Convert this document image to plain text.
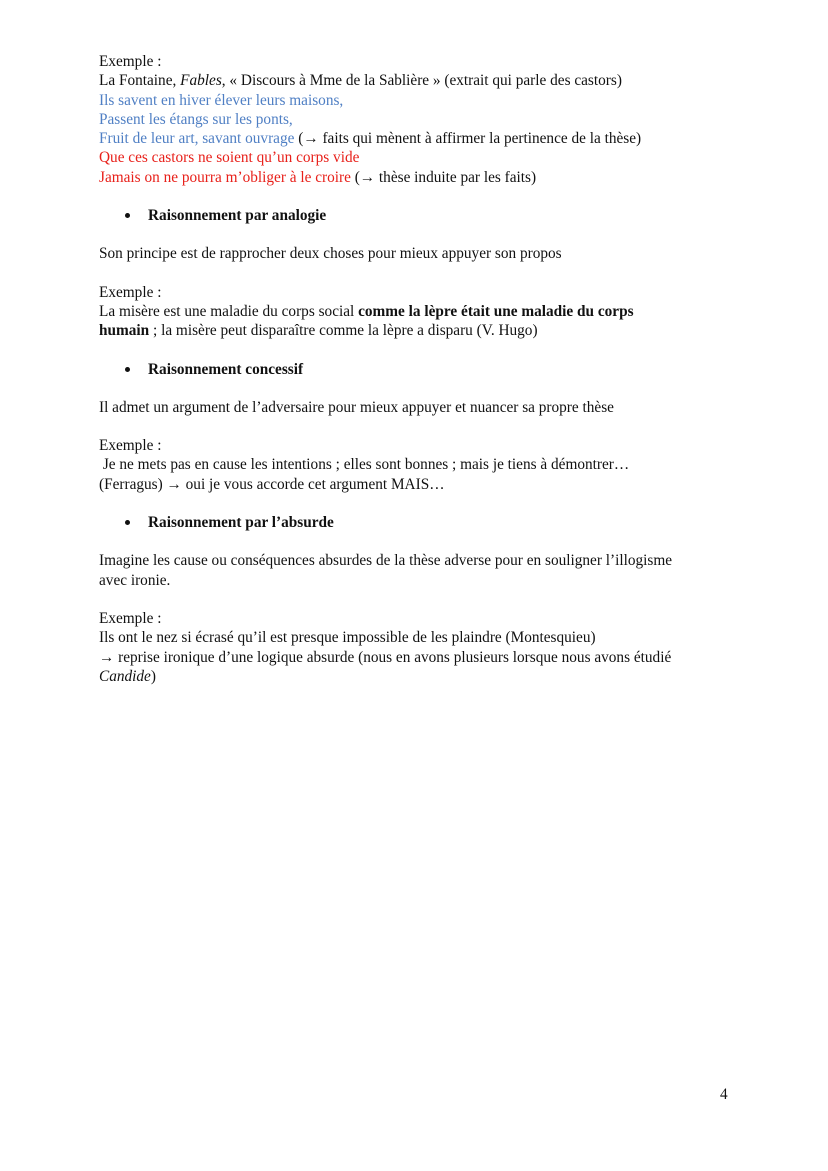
Exemple :
La Fontaine, Fables, « Discours à Mme de la Sablière » (extrait qui parle des castors)
Ils savent en hiver élever leurs maisons,
Passent les étangs sur les ponts,
Fruit de leur art, savant ouvrage (→ faits qui mènent à affirmer la pertinence de la thèse)
Que ces castors ne soient qu’un corps vide
Jamais on ne pourra m’obliger à le croire (→ thèse induite par les faits)
Raisonnement par analogie
Son principe est de rapprocher deux choses pour mieux appuyer son propos
Exemple :
La misère est une maladie du corps social comme la lèpre était une maladie du corps
humain ; la misère peut disparaître comme la lèpre a disparu (V. Hugo)
Raisonnement concessif
Il admet un argument de l’adversaire pour mieux appuyer et nuancer sa propre thèse
Exemple :
Je ne mets pas en cause les intentions ; elles sont bonnes ; mais je tiens à démontrer…
(Ferragus) → oui je vous accorde cet argument MAIS…
Raisonnement par l’absurde
Imagine les cause ou conséquences absurdes de la thèse adverse pour en souligner l’illogisme
avec ironie.
Exemple :
Ils ont le nez si écrasé qu’il est presque impossible de les plaindre (Montesquieu)
→ reprise ironique d’une logique absurde (nous en avons plusieurs lorsque nous avons étudié
Candide)
4
